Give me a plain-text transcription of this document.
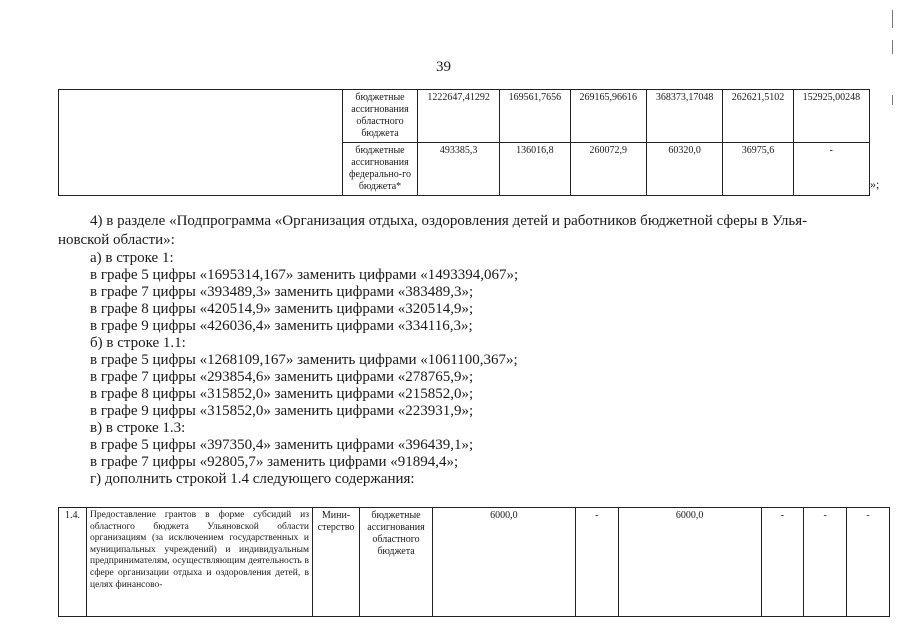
39
	бюджетные ассигнования областного бюджета	1222647,41292	169561,7656	269165,96616	368373,17048	262621,5102	152925,00248
	бюджетные ассигнования федерально-го бюджета*	493385,3	136016,8	260072,9	60320,0	36975,6	-
»;
4) в разделе «Подпрограмма «Организация отдыха, оздоровления детей и работников бюджетной сферы в Улья-
новской области»:
а) в строке 1:
в графе 5 цифры «1695314,167» заменить цифрами «1493394,067»;
в графе 7 цифры «393489,3» заменить цифрами «383489,3»;
в графе 8 цифры «420514,9» заменить цифрами «320514,9»;
в графе 9 цифры «426036,4» заменить цифрами «334116,3»;
б) в строке 1.1:
в графе 5 цифры «1268109,167» заменить цифрами «1061100,367»;
в графе 7 цифры «293854,6» заменить цифрами «278765,9»;
в графе 8 цифры «315852,0» заменить цифрами «215852,0»;
в графе 9 цифры «315852,0» заменить цифрами «223931,9»;
в) в строке 1.3:
в графе 5 цифры «397350,4» заменить цифрами «396439,1»;
в графе 7 цифры «92805,7» заменить цифрами «91894,4»;
г) дополнить строкой 1.4 следующего содержания:
1.4.	Предоставление грантов в форме субсидий из областного бюджета Ульяновской области организациям (за исключением государственных и муниципальных учреждений) и индивидуальным предпринимателям, осуществляющим деятельность в сфере организации отдыха и оздоровления детей, в целях финансово-	Мини-стерство	бюджетные ассигнования областного бюджета	6000,0	-	6000,0	-	-	-
